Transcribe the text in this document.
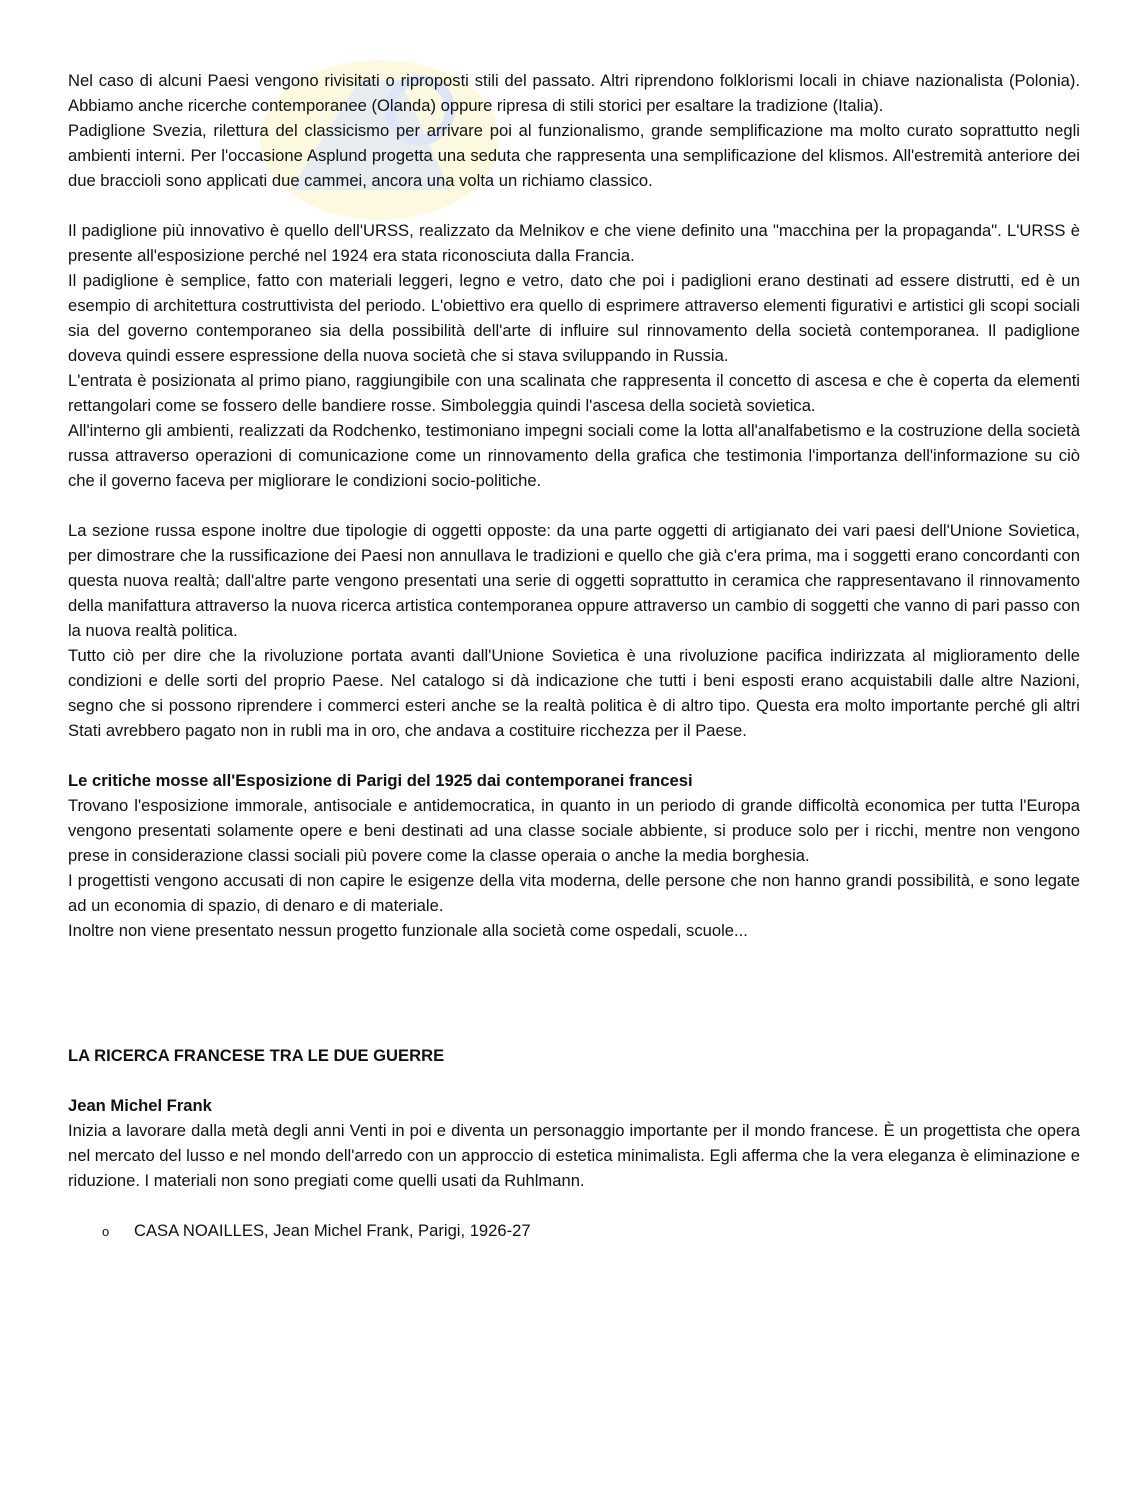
Nel caso di alcuni Paesi vengono rivisitati o riproposti stili del passato. Altri riprendono folklorismi locali in chiave nazionalista (Polonia). Abbiamo anche ricerche contemporanee (Olanda) oppure ripresa di stili storici per esaltare la tradizione (Italia).

Padiglione Svezia, rilettura del classicismo per arrivare poi al funzionalismo, grande semplificazione ma molto curato soprattutto negli ambienti interni. Per l'occasione Asplund progetta una seduta che rappresenta una semplificazione del klismos. All'estremità anteriore dei due braccioli sono applicati due cammei, ancora una volta un richiamo classico.

Il padiglione più innovativo è quello dell'URSS, realizzato da Melnikov e che viene definito una "macchina per la propaganda". L'URSS è presente all'esposizione perché nel 1924 era stata riconosciuta dalla Francia.

Il padiglione è semplice, fatto con materiali leggeri, legno e vetro, dato che poi i padiglioni erano destinati ad essere distrutti, ed è un esempio di architettura costruttivista del periodo. L'obiettivo era quello di esprimere attraverso elementi figurativi e artistici gli scopi sociali sia del governo contemporaneo sia della possibilità dell'arte di influire sul rinnovamento della società contemporanea. Il padiglione doveva quindi essere espressione della nuova società che si stava sviluppando in Russia.

L'entrata è posizionata al primo piano, raggiungibile con una scalinata che rappresenta il concetto di ascesa e che è coperta da elementi rettangolari come se fossero delle bandiere rosse. Simboleggia quindi l'ascesa della società sovietica.

All'interno gli ambienti, realizzati da Rodchenko, testimoniano impegni sociali come la lotta all'analfabetismo e la costruzione della società russa attraverso operazioni di comunicazione come un rinnovamento della grafica che testimonia l'importanza dell'informazione su ciò che il governo faceva per migliorare le condizioni socio-politiche.

La sezione russa espone inoltre due tipologie di oggetti opposte: da una parte oggetti di artigianato dei vari paesi dell'Unione Sovietica, per dimostrare che la russificazione dei Paesi non annullava le tradizioni e quello che già c'era prima, ma i soggetti erano concordanti con questa nuova realtà; dall'altre parte vengono presentati una serie di oggetti soprattutto in ceramica che rappresentavano il rinnovamento della manifattura attraverso la nuova ricerca artistica contemporanea oppure attraverso un cambio di soggetti che vanno di pari passo con la nuova realtà politica.

Tutto ciò per dire che la rivoluzione portata avanti dall'Unione Sovietica è una rivoluzione pacifica indirizzata al miglioramento delle condizioni e delle sorti del proprio Paese. Nel catalogo si dà indicazione che tutti i beni esposti erano acquistabili dalle altre Nazioni, segno che si possono riprendere i commerci esteri anche se la realtà politica è di altro tipo. Questa era molto importante perché gli altri Stati avrebbero pagato non in rubli ma in oro, che andava a costituire ricchezza per il Paese.

Le critiche mosse all'Esposizione di Parigi del 1925 dai contemporanei francesi

Trovano l'esposizione immorale, antisociale e antidemocratica, in quanto in un periodo di grande difficoltà economica per tutta l'Europa vengono presentati solamente opere e beni destinati ad una classe sociale abbiente, si produce solo per i ricchi, mentre non vengono prese in considerazione classi sociali più povere come la classe operaia o anche la media borghesia.

I progettisti vengono accusati di non capire le esigenze della vita moderna, delle persone che non hanno grandi possibilità, e sono legate ad un economia di spazio, di denaro e di materiale.

Inoltre non viene presentato nessun progetto funzionale alla società come ospedali, scuole...

LA RICERCA FRANCESE TRA LE DUE GUERRE

Jean Michel Frank

Inizia a lavorare dalla metà degli anni Venti in poi e diventa un personaggio importante per il mondo francese. È un progettista che opera nel mercato del lusso e nel mondo dell'arredo con un approccio di estetica minimalista. Egli afferma che la vera eleganza è eliminazione e riduzione. I materiali non sono pregiati come quelli usati da Ruhlmann.

o	CASA NOAILLES, Jean Michel Frank, Parigi, 1926-27
